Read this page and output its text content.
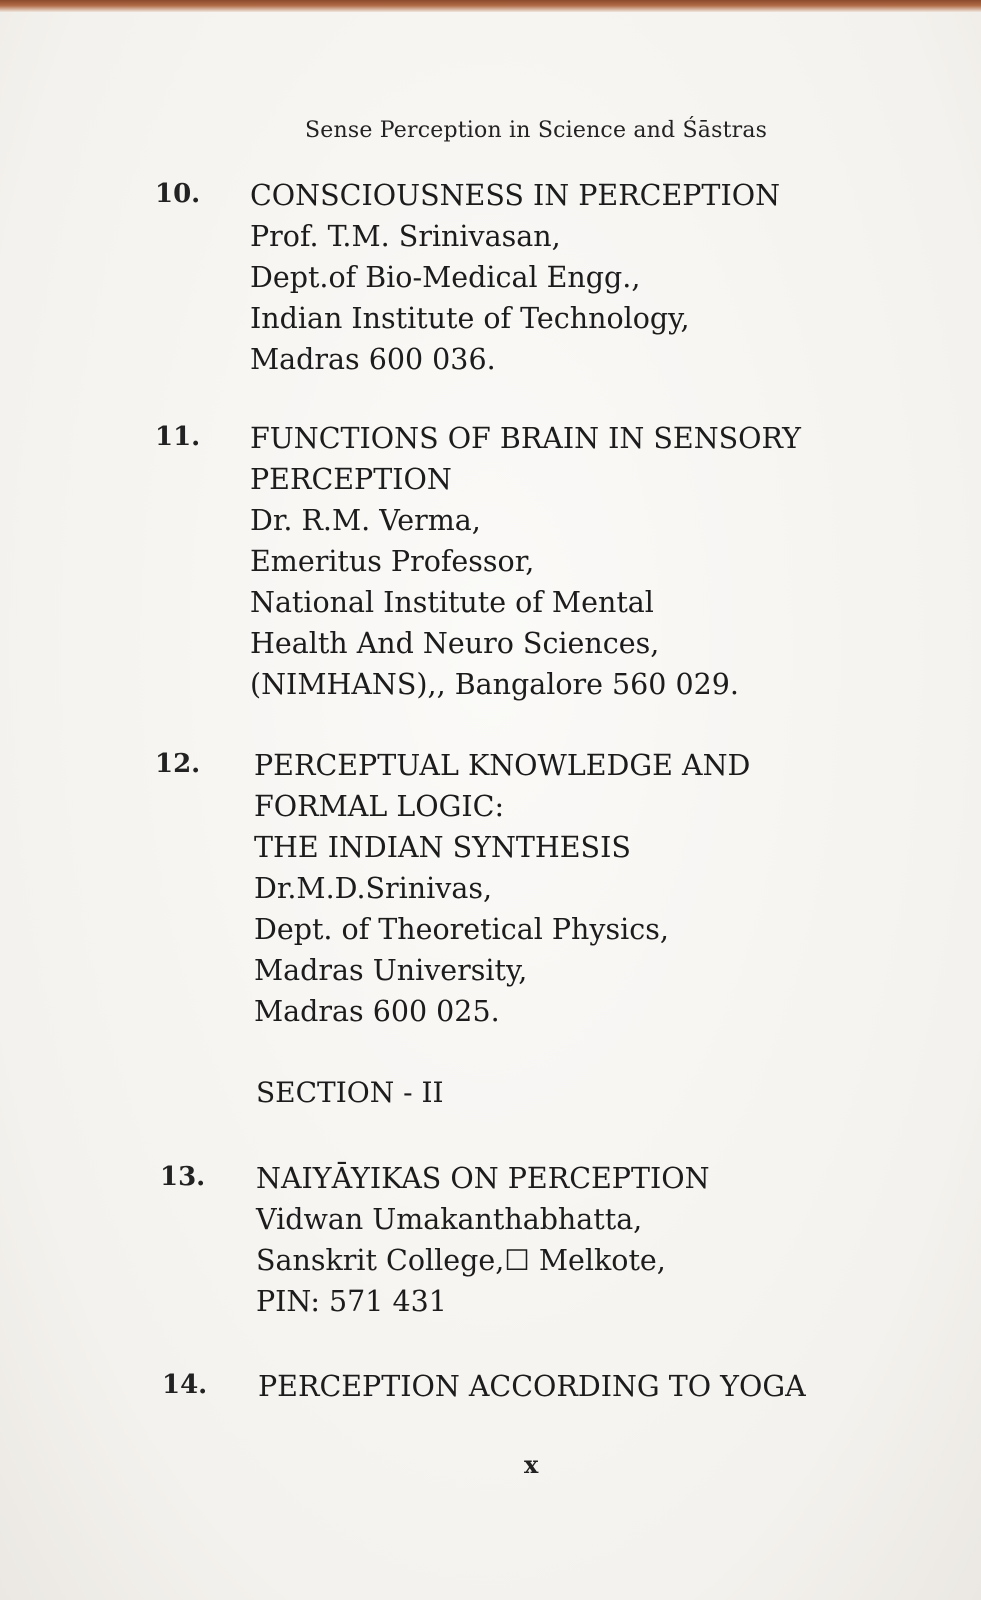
Sense Perception in Science and Śāstras
10. CONSCIOUSNESS IN PERCEPTION
Prof. T.M. Srinivasan,
Dept.of Bio-Medical Engg.,
Indian Institute of Technology,
Madras 600 036.
11. FUNCTIONS OF BRAIN IN SENSORY
PERCEPTION
Dr. R.M. Verma,
Emeritus Professor,
National Institute of Mental
Health And Neuro Sciences,
(NIMHANS),, Bangalore 560 029.
12. PERCEPTUAL KNOWLEDGE AND
FORMAL LOGIC:
THE INDIAN SYNTHESIS
Dr.M.D.Srinivas,
Dept. of Theoretical Physics,
Madras University,
Madras 600 025.
SECTION - II
13. NAIYĀYIKAS ON PERCEPTION
Vidwan Umakanthabhatta,
Sanskrit College,☐ Melkote,
PIN: 571 431
14. PERCEPTION ACCORDING TO YOGA
x
